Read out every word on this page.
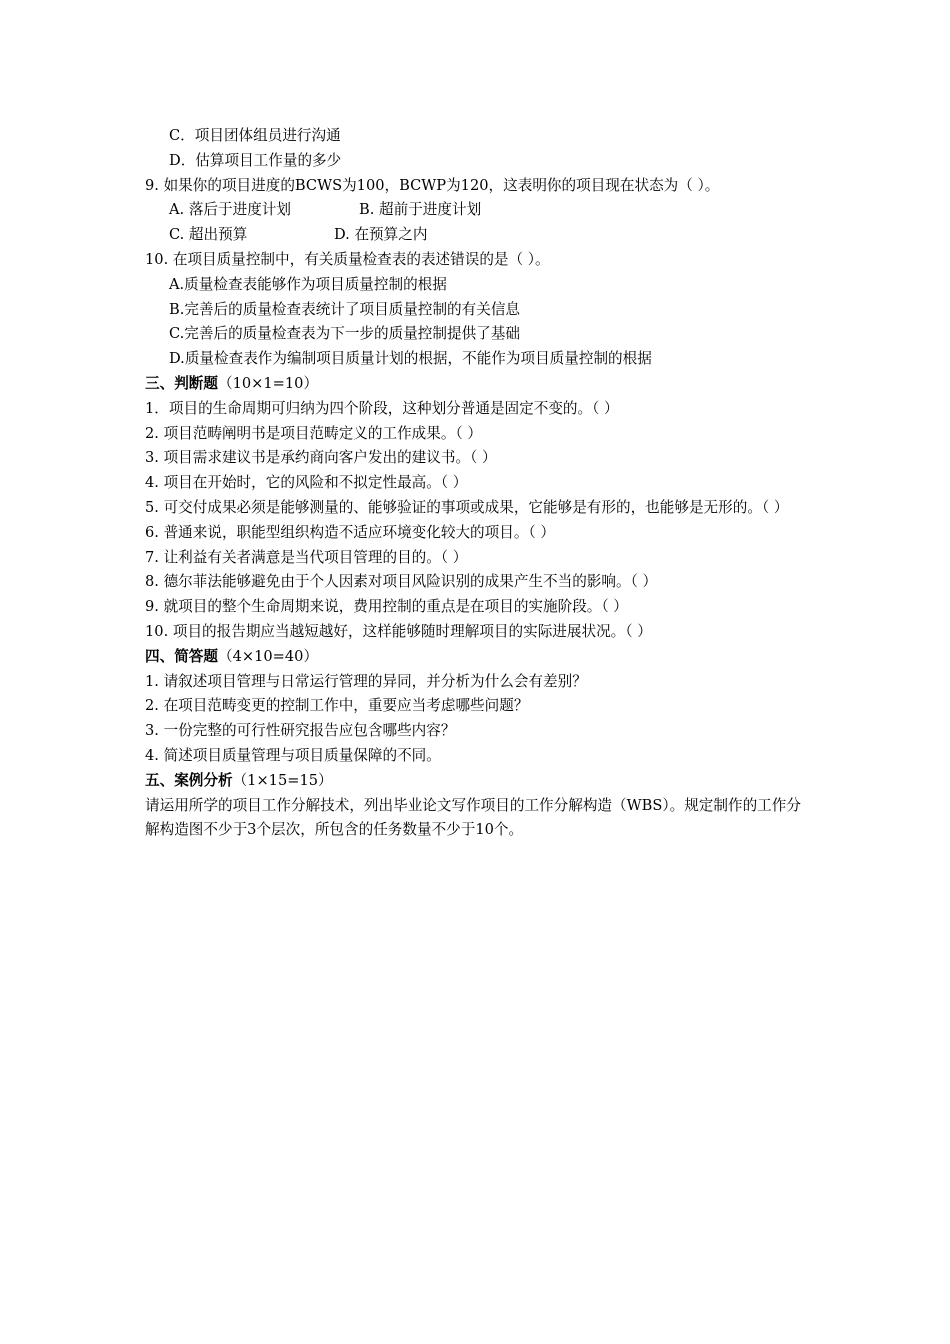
C．项目团体组员进行沟通

D．估算项目工作量的多少

9. 如果你的项目进度的BCWS为100，BCWP为120，这表明你的项目现在状态为（ ）。

A. 落后于进度计划	B. 超前于进度计划

C. 超出预算	D. 在预算之内

10. 在项目质量控制中，有关质量检查表的表述错误的是（ ）。

A.质量检查表能够作为项目质量控制的根据

B.完善后的质量检查表统计了项目质量控制的有关信息

C.完善后的质量检查表为下一步的质量控制提供了基础

D.质量检查表作为编制项目质量计划的根据，不能作为项目质量控制的根据

三、判断题（10×1=10）

1．项目的生命周期可归纳为四个阶段，这种划分普通是固定不变的。（ ）

2. 项目范畴阐明书是项目范畴定义的工作成果。（ ）

3. 项目需求建议书是承约商向客户发出的建议书。（ ）

4. 项目在开始时，它的风险和不拟定性最高。（ ）

5. 可交付成果必须是能够测量的、能够验证的事项或成果，它能够是有形的，也能够是无形的。（ ）

6. 普通来说，职能型组织构造不适应环境变化较大的项目。（ ）

7. 让利益有关者满意是当代项目管理的目的。（ ）

8. 德尔菲法能够避免由于个人因素对项目风险识别的成果产生不当的影响。（ ）

9. 就项目的整个生命周期来说，费用控制的重点是在项目的实施阶段。（ ）

10. 项目的报告期应当越短越好，这样能够随时理解项目的实际进展状况。（ ）

四、简答题（4×10=40）

1. 请叙述项目管理与日常运行管理的异同，并分析为什么会有差别？

2. 在项目范畴变更的控制工作中，重要应当考虑哪些问题？

3. 一份完整的可行性研究报告应包含哪些内容？

4. 简述项目质量管理与项目质量保障的不同。

五、案例分析（1×15=15）

请运用所学的项目工作分解技术，列出毕业论文写作项目的工作分解构造（WBS）。规定制作的工作分解构造图不少于3个层次，所包含的任务数量不少于10个。
